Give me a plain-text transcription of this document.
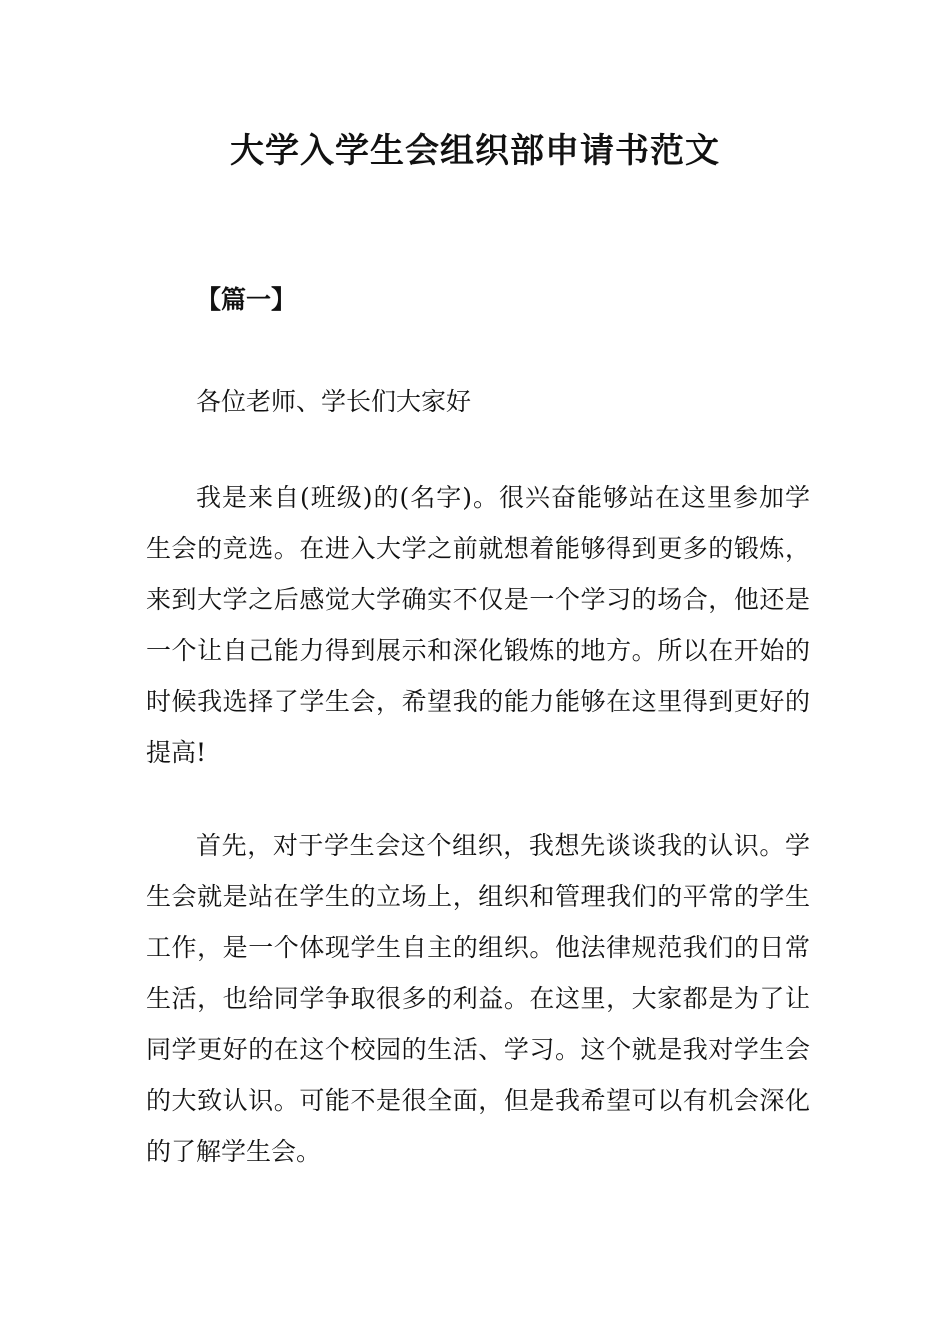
大学入学生会组织部申请书范文

【篇一】

各位老师、学长们大家好

我是来自(班级)的(名字)。很兴奋能够站在这里参加学生会的竞选。在进入大学之前就想着能够得到更多的锻炼，来到大学之后感觉大学确实不仅是一个学习的场合，他还是一个让自己能力得到展示和深化锻炼的地方。所以在开始的时候我选择了学生会，希望我的能力能够在这里得到更好的提高!

首先，对于学生会这个组织，我想先谈谈我的认识。学生会就是站在学生的立场上，组织和管理我们的平常的学生工作，是一个体现学生自主的组织。他法律规范我们的日常生活，也给同学争取很多的利益。在这里，大家都是为了让同学更好的在这个校园的生活、学习。这个就是我对学生会的大致认识。可能不是很全面，但是我希望可以有机会深化的了解学生会。
